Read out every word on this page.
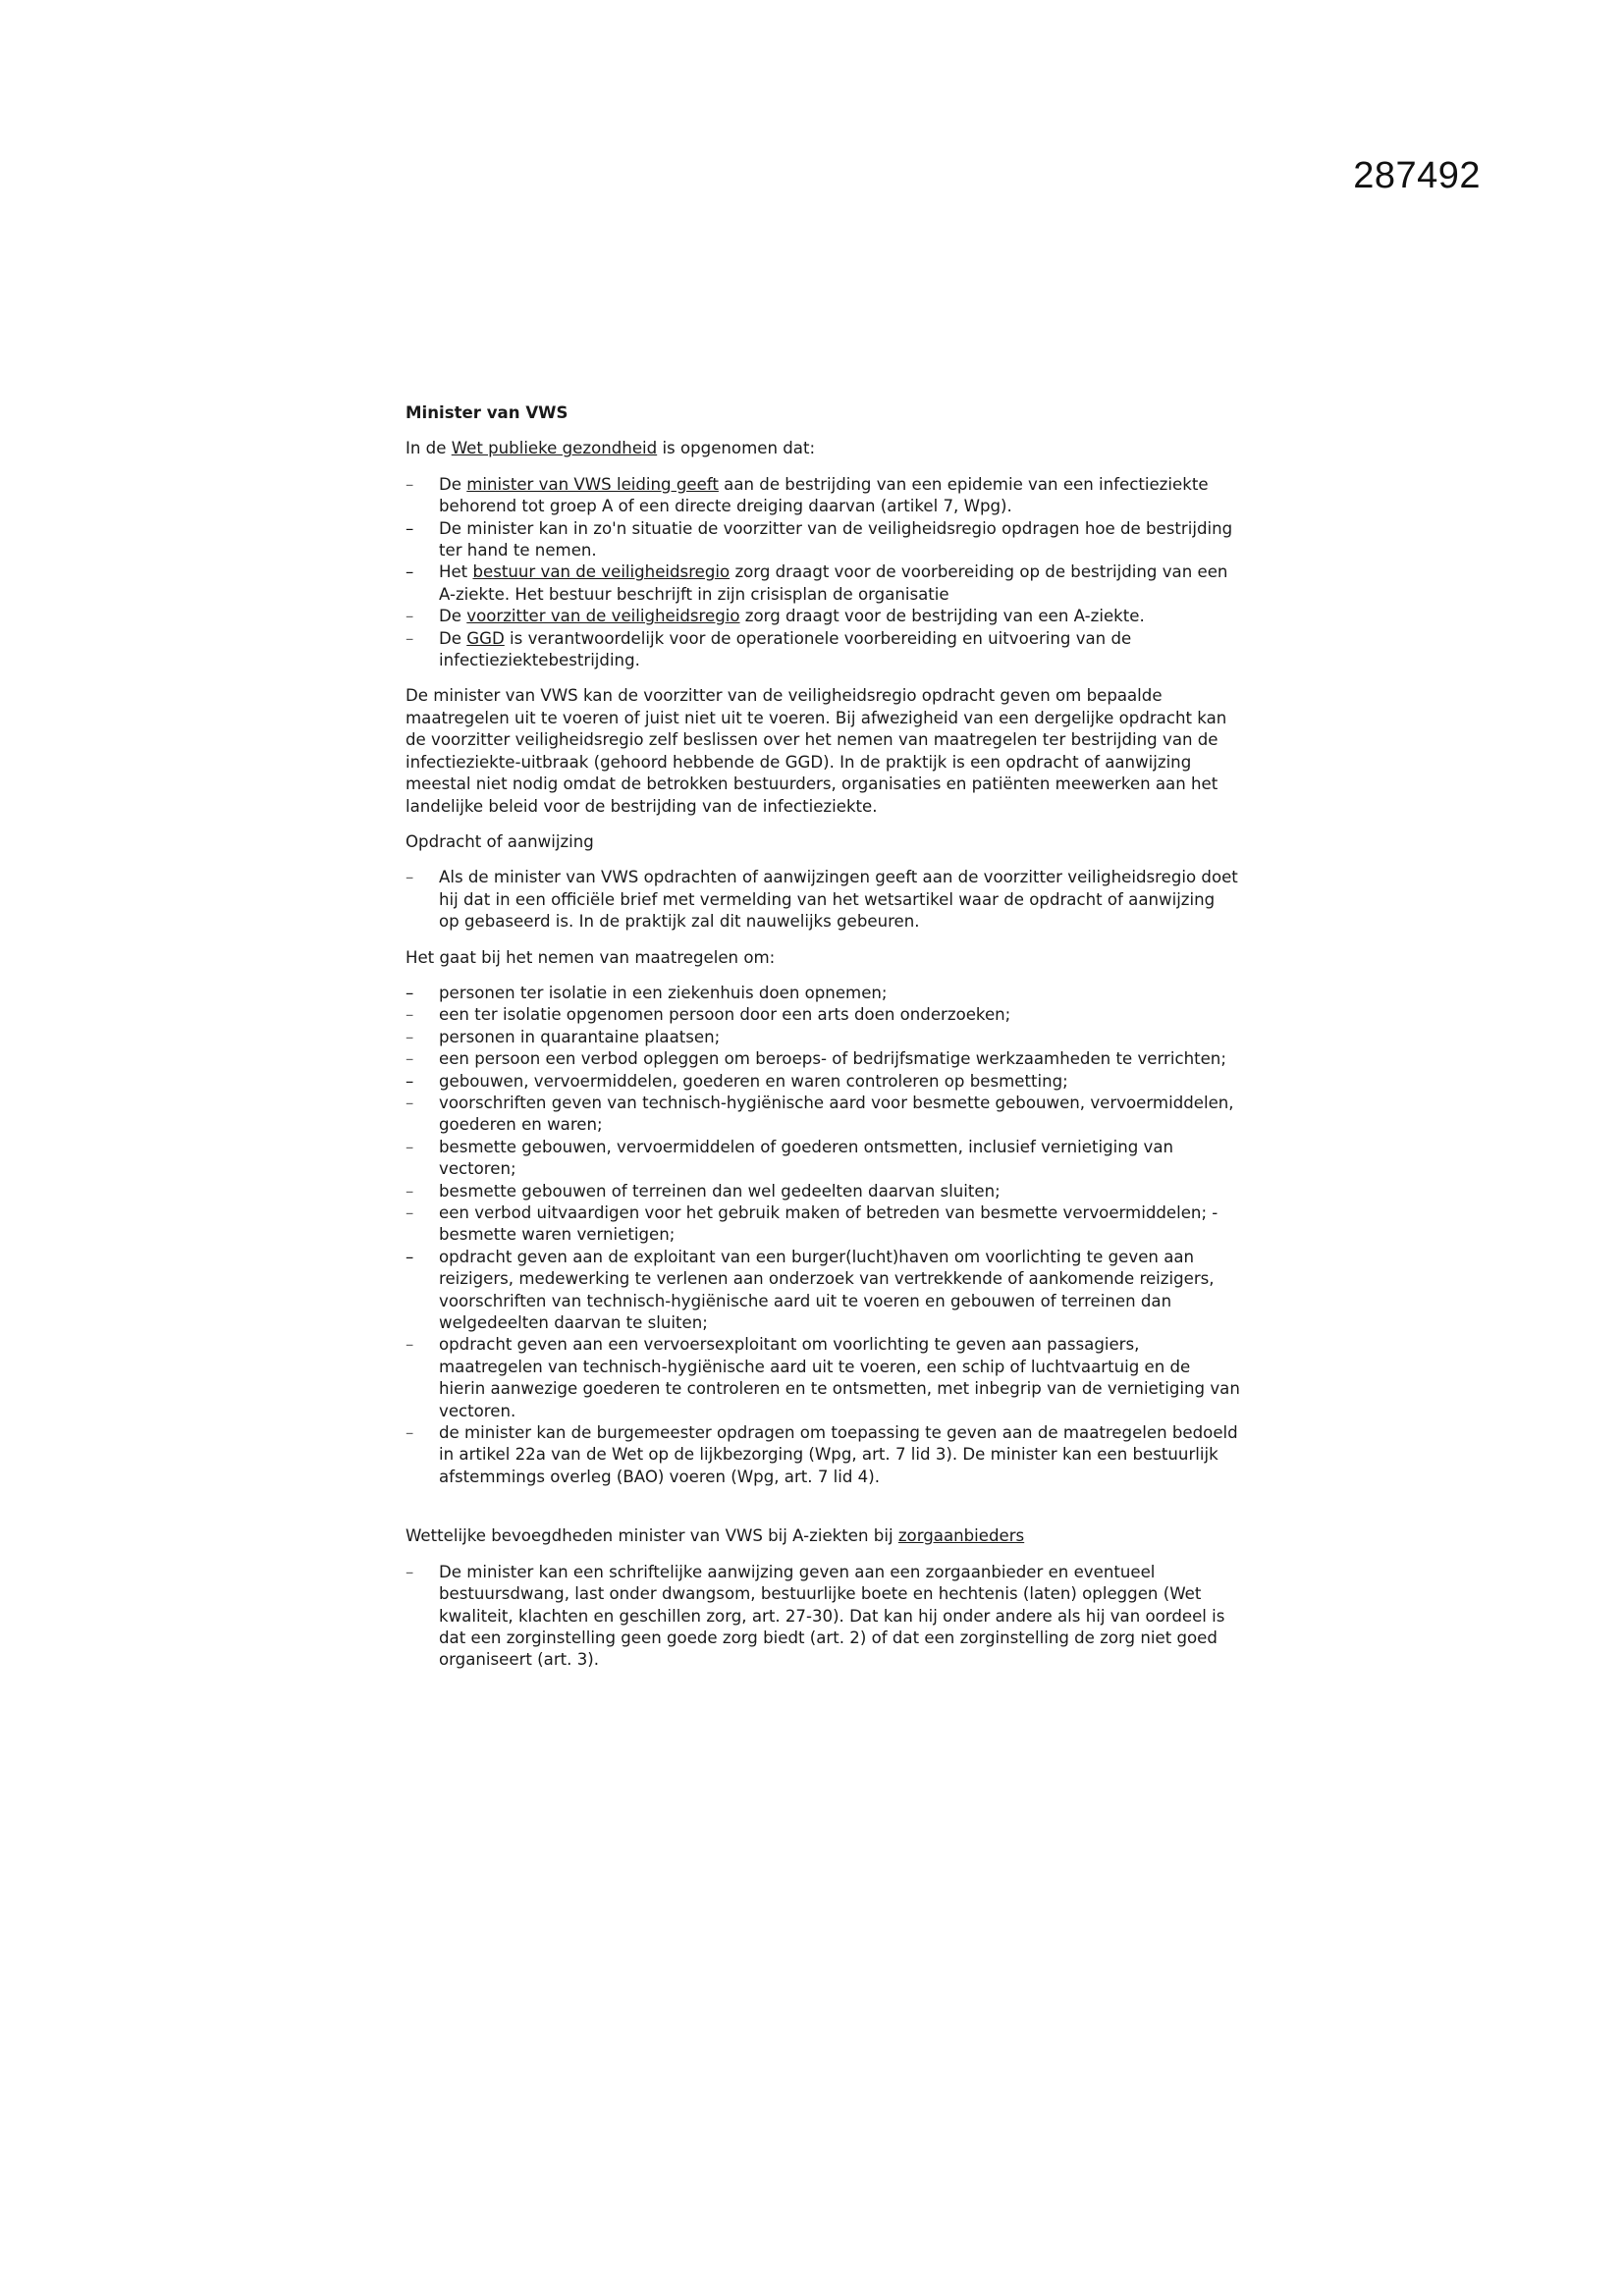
287492
Minister van VWS

In de Wet publieke gezondheid is opgenomen dat:

– De minister van VWS leiding geeft aan de bestrijding van een epidemie van een infectieziekte behorend tot groep A of een directe dreiging daarvan (artikel 7, Wpg).
– De minister kan in zo'n situatie de voorzitter van de veiligheidsregio opdragen hoe de bestrijding ter hand te nemen.
– Het bestuur van de veiligheidsregio zorg draagt voor de voorbereiding op de bestrijding van een A-ziekte. Het bestuur beschrijft in zijn crisisplan de organisatie
– De voorzitter van de veiligheidsregio zorg draagt voor de bestrijding van een A-ziekte.
– De GGD is verantwoordelijk voor de operationele voorbereiding en uitvoering van de infectieziektebestrijding.

De minister van VWS kan de voorzitter van de veiligheidsregio opdracht geven om bepaalde maatregelen uit te voeren of juist niet uit te voeren. Bij afwezigheid van een dergelijke opdracht kan de voorzitter veiligheidsregio zelf beslissen over het nemen van maatregelen ter bestrijding van de infectieziekte-uitbraak (gehoord hebbende de GGD). In de praktijk is een opdracht of aanwijzing meestal niet nodig omdat de betrokken bestuurders, organisaties en patiënten meewerken aan het landelijke beleid voor de bestrijding van de infectieziekte.

Opdracht of aanwijzing

– Als de minister van VWS opdrachten of aanwijzingen geeft aan de voorzitter veiligheidsregio doet hij dat in een officiële brief met vermelding van het wetsartikel waar de opdracht of aanwijzing op gebaseerd is. In de praktijk zal dit nauwelijks gebeuren.

Het gaat bij het nemen van maatregelen om:

– personen ter isolatie in een ziekenhuis doen opnemen;
– een ter isolatie opgenomen persoon door een arts doen onderzoeken;
– personen in quarantaine plaatsen;
– een persoon een verbod opleggen om beroeps- of bedrijfsmatige werkzaamheden te verrichten;
– gebouwen, vervoermiddelen, goederen en waren controleren op besmetting;
– voorschriften geven van technisch-hygiënische aard voor besmette gebouwen, vervoermiddelen, goederen en waren;
– besmette gebouwen, vervoermiddelen of goederen ontsmetten, inclusief vernietiging van vectoren;
– besmette gebouwen of terreinen dan wel gedeelten daarvan sluiten;
– een verbod uitvaardigen voor het gebruik maken of betreden van besmette vervoermiddelen; - besmette waren vernietigen;
– opdracht geven aan de exploitant van een burger(lucht)haven om voorlichting te geven aan reizigers, medewerking te verlenen aan onderzoek van vertrekkende of aankomende reizigers, voorschriften van technisch-hygiënische aard uit te voeren en gebouwen of terreinen dan welgedeelten daarvan te sluiten;
– opdracht geven aan een vervoersexploitant om voorlichting te geven aan passagiers, maatregelen van technisch-hygiënische aard uit te voeren, een schip of luchtvaartuig en de hierin aanwezige goederen te controleren en te ontsmetten, met inbegrip van de vernietiging van vectoren.
– de minister kan de burgemeester opdragen om toepassing te geven aan de maatregelen bedoeld in artikel 22a van de Wet op de lijkbezorging (Wpg, art. 7 lid 3). De minister kan een bestuurlijk afstemmings overleg (BAO) voeren (Wpg, art. 7 lid 4).

Wettelijke bevoegdheden minister van VWS bij A-ziekten bij zorgaanbieders

– De minister kan een schriftelijke aanwijzing geven aan een zorgaanbieder en eventueel bestuursdwang, last onder dwangsom, bestuurlijke boete en hechtenis (laten) opleggen (Wet kwaliteit, klachten en geschillen zorg, art. 27-30). Dat kan hij onder andere als hij van oordeel is dat een zorginstelling geen goede zorg biedt (art. 2) of dat een zorginstelling de zorg niet goed organiseert (art. 3).
